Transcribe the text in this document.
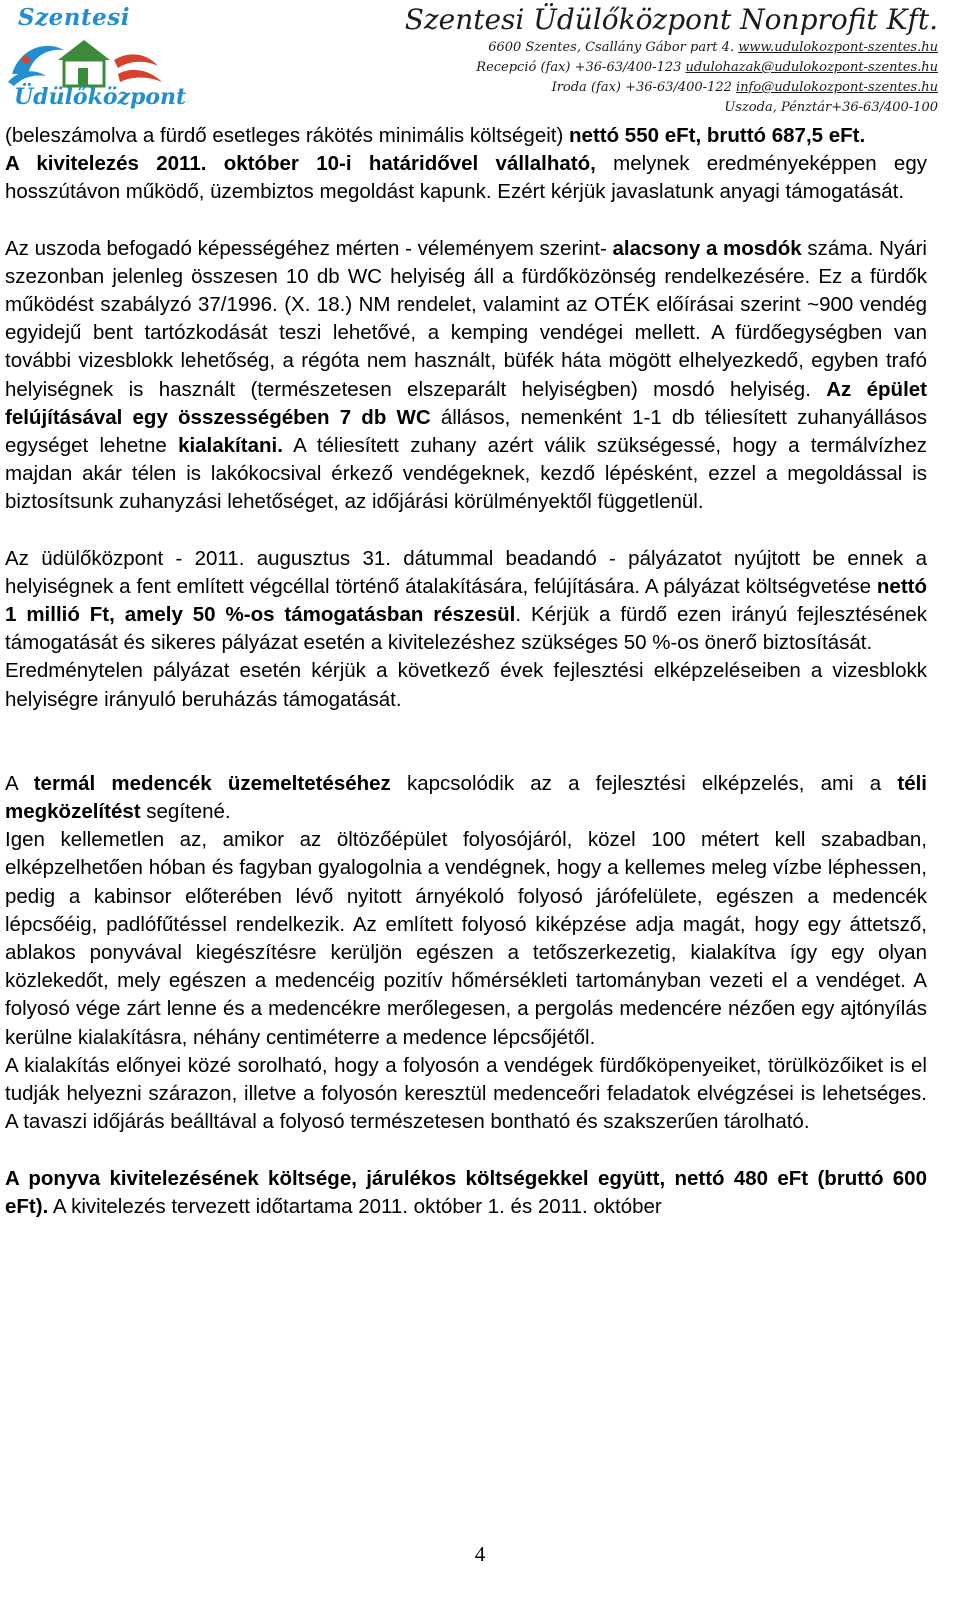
Szentesi
Üdülőközpont
Szentesi Üdülőközpont Nonprofit Kft.
6600 Szentes, Csallány Gábor part 4. www.udulokozpont-szentes.hu
Recepció (fax) +36-63/400-123 udulohazak@udulokozpont-szentes.hu
Iroda (fax) +36-63/400-122 info@udulokozpont-szentes.hu
Uszoda, Pénztár+36-63/400-100

(beleszámolva a fürdő esetleges rákötés minimális költségeit) nettó 550 eFt, bruttó 687,5 eFt.

A kivitelezés 2011. október 10-i határidővel vállalható, melynek eredményeképpen egy hosszútávon működő, üzembiztos megoldást kapunk. Ezért kérjük javaslatunk anyagi támogatását.

Az uszoda befogadó képességéhez mérten - véleményem szerint- alacsony a mosdók száma. Nyári szezonban jelenleg összesen 10 db WC helyiség áll a fürdőközönség rendelkezésére. Ez a fürdők működést szabályzó 37/1996. (X. 18.) NM rendelet, valamint az OTÉK előírásai szerint ~900 vendég egyidejű bent tartózkodását teszi lehetővé, a kemping vendégei mellett. A fürdőegységben van további vizesblokk lehetőség, a régóta nem használt, büfék háta mögött elhelyezkedő, egyben trafó helyiségnek is használt (természetesen elszeparált helyiségben) mosdó helyiség. Az épület felújításával egy összességében 7 db WC állásos, nemenként 1-1 db téliesített zuhanyállásos egységet lehetne kialakítani. A téliesített zuhany azért válik szükségessé, hogy a termálvízhez majdan akár télen is lakókocsival érkező vendégeknek, kezdő lépésként, ezzel a megoldással is biztosítsunk zuhanyzási lehetőséget, az időjárási körülményektől függetlenül.

Az üdülőközpont - 2011. augusztus 31. dátummal beadandó - pályázatot nyújtott be ennek a helyiségnek a fent említett végcéllal történő átalakítására, felújítására. A pályázat költségvetése nettó 1 millió Ft, amely 50 %-os támogatásban részesül. Kérjük a fürdő ezen irányú fejlesztésének támogatását és sikeres pályázat esetén a kivitelezéshez szükséges 50 %-os önerő biztosítását.

Eredménytelen pályázat esetén kérjük a következő évek fejlesztési elképzeléseiben a vizesblokk helyiségre irányuló beruházás támogatását.

A termál medencék üzemeltetéséhez kapcsolódik az a fejlesztési elképzelés, ami a téli megközelítést segítené.

Igen kellemetlen az, amikor az öltözőépület folyosójáról, közel 100 métert kell szabadban, elképzelhetően hóban és fagyban gyalogolnia a vendégnek, hogy a kellemes meleg vízbe léphessen, pedig a kabinsor előterében lévő nyitott árnyékoló folyosó járófelülete, egészen a medencék lépcsőéig, padlófűtéssel rendelkezik. Az említett folyosó kiképzése adja magát, hogy egy áttetsző, ablakos ponyvával kiegészítésre kerüljön egészen a tetőszerkezetig, kialakítva így egy olyan közlekedőt, mely egészen a medencéig pozitív hőmérsékleti tartományban vezeti el a vendéget. A folyosó vége zárt lenne és a medencékre merőlegesen, a pergolás medencére nézően egy ajtónyílás kerülne kialakításra, néhány centiméterre a medence lépcsőjétől.

A kialakítás előnyei közé sorolható, hogy a folyosón a vendégek fürdőköpenyeiket, törülközőiket is el tudják helyezni szárazon, illetve a folyosón keresztül medenceőri feladatok elvégzései is lehetséges. A tavaszi időjárás beálltával a folyosó természetesen bontható és szakszerűen tárolható.

A ponyva kivitelezésének költsége, járulékos költségekkel együtt, nettó 480 eFt (bruttó 600 eFt). A kivitelezés tervezett időtartama 2011. október 1. és 2011. október

4
